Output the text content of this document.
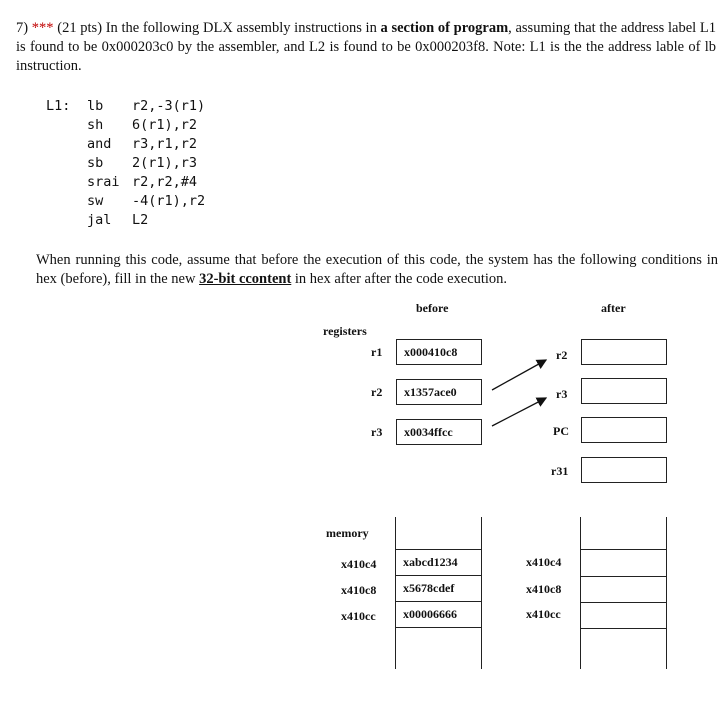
7) *** (21 pts) In the following DLX assembly instructions in a section of program, assuming that the address label L1 is found to be 0x000203c0 by the assembler, and L2 is found to be 0x000203f8. Note: L1 is the the address lable of lb instruction.
L1: lb r2,-3(r1)
sh 6(r1),r2
and r3,r1,r2
sb 2(r1),r3
srai r2,r2,#4
sw -4(r1),r2
jal L2
When running this code, assume that before the execution of this code, the system has the following conditions in hex (before), fill in the new 32-bit ccontent in hex after after the code execution.
before	after
registers
r1	x000410c8
r2	x1357ace0
r3	x0034ffcc
r2
r3
PC
r31
memory
x410c4 xabcd1234
x410c8 x5678cdef
x410cc x00006666
x410c4
x410c8
x410cc
